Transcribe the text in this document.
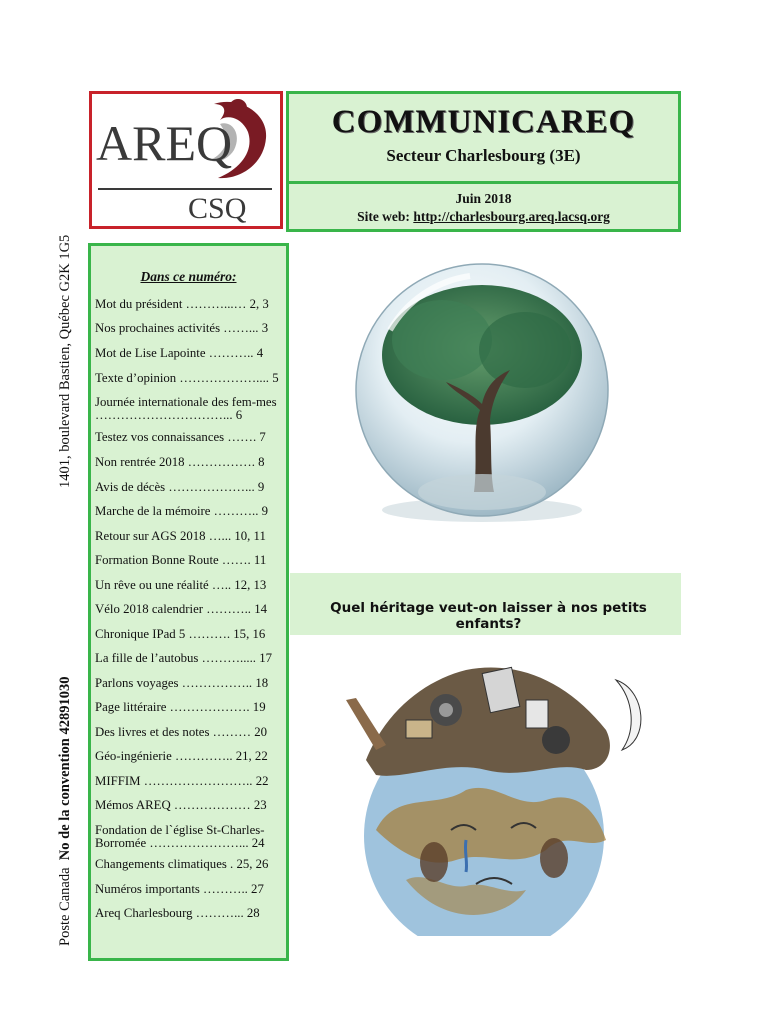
1401, boulevard Bastien, Québec G2K 1G5
Poste Canada  No de la convention 42891030
AREQ
CSQ
COMMUNICAREQ
Secteur Charlesbourg (3E)
Juin 2018
Site web: http://charlesbourg.areq.lacsq.org
Dans ce numéro:
Mot du président ………...… 2, 3
Nos prochaines activités ……... 3
Mot de Lise Lapointe ……….. 4
Texte d’opinion ……………….... 5
Journée internationale des fem-mes …………………………... 6
Testez vos connaissances ……. 7
Non rentrée 2018 ……………. 8
Avis de décès ………………... 9
Marche de la mémoire ……….. 9
Retour sur AGS 2018 …... 10, 11
Formation Bonne Route ……. 11
Un rêve ou une réalité ….. 12, 13
Vélo 2018 calendrier ……….. 14
Chronique IPad 5 ………. 15, 16
La fille de l’autobus ………..... 17
Parlons voyages …………….. 18
Page littéraire ………………. 19
Des livres et des notes ……… 20
Géo-ingénierie ………….. 21, 22
MIFFIM …………………….. 22
Mémos AREQ ……………… 23
Fondation de l`église St-Charles-Borromée …………………... 24
Changements climatiques . 25, 26
Numéros importants ……….. 27
Areq Charlesbourg ………... 28
Quel héritage veut-on laisser à nos petits enfants?
